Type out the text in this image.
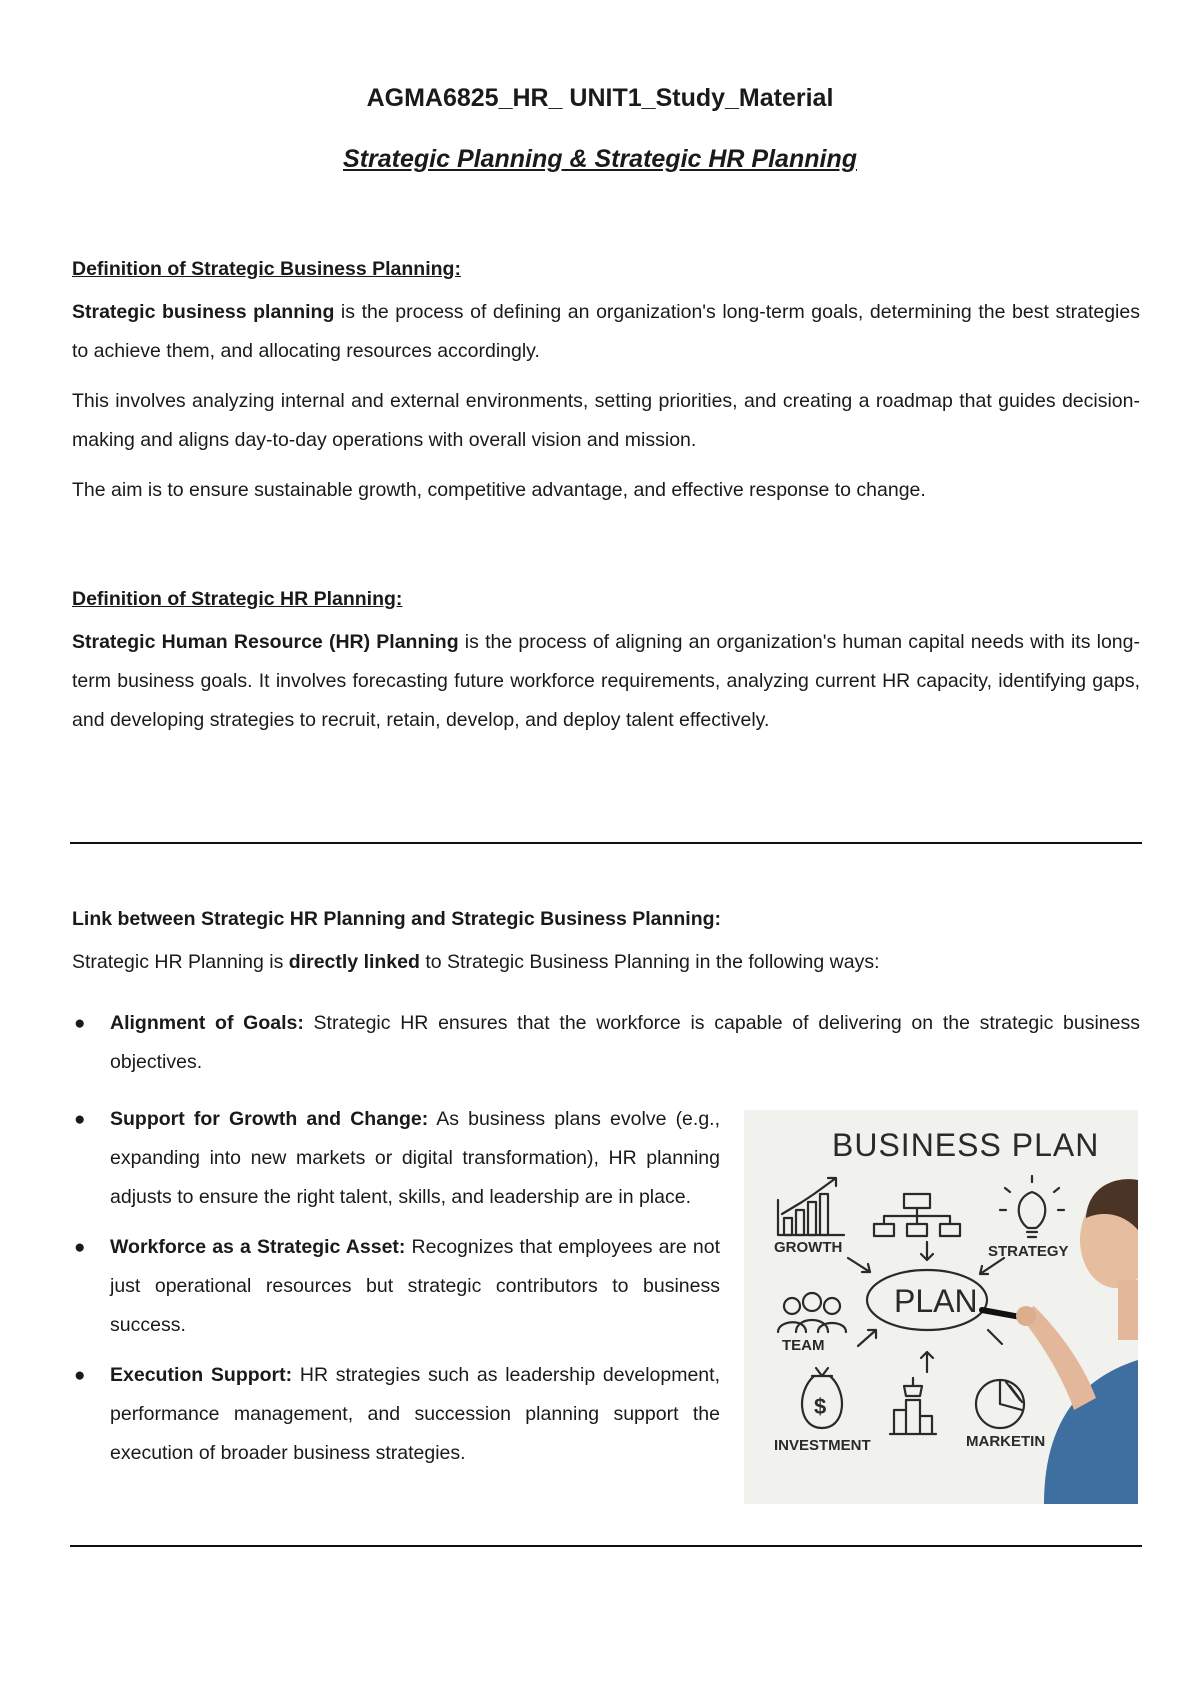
AGMA6825_HR_ UNIT1_Study_Material
Strategic Planning & Strategic HR Planning
Definition of Strategic Business Planning:

Strategic business planning is the process of defining an organization's long-term goals, determining the best strategies to achieve them, and allocating resources accordingly.

This involves analyzing internal and external environments, setting priorities, and creating a roadmap that guides decision-making and aligns day-to-day operations with overall vision and mission.

The aim is to ensure sustainable growth, competitive advantage, and effective response to change.

Definition of Strategic HR Planning:

Strategic Human Resource (HR) Planning is the process of aligning an organization's human capital needs with its long-term business goals. It involves forecasting future workforce requirements, analyzing current HR capacity, identifying gaps, and developing strategies to recruit, retain, develop, and deploy talent effectively.

Link between Strategic HR Planning and Strategic Business Planning:

Strategic HR Planning is directly linked to Strategic Business Planning in the following ways:

● Alignment of Goals: Strategic HR ensures that the workforce is capable of delivering on the strategic business objectives.
● Support for Growth and Change: As business plans evolve (e.g., expanding into new markets or digital transformation), HR planning adjusts to ensure the right talent, skills, and leadership are in place.
● Workforce as a Strategic Asset: Recognizes that employees are not just operational resources but strategic contributors to business success.
● Execution Support: HR strategies such as leadership development, performance management, and succession planning support the execution of broader business strategies.
BUSINESS PLAN
GROWTH	STRATEGY
PLAN
TEAM
INVESTMENT	MARKETIN
$
